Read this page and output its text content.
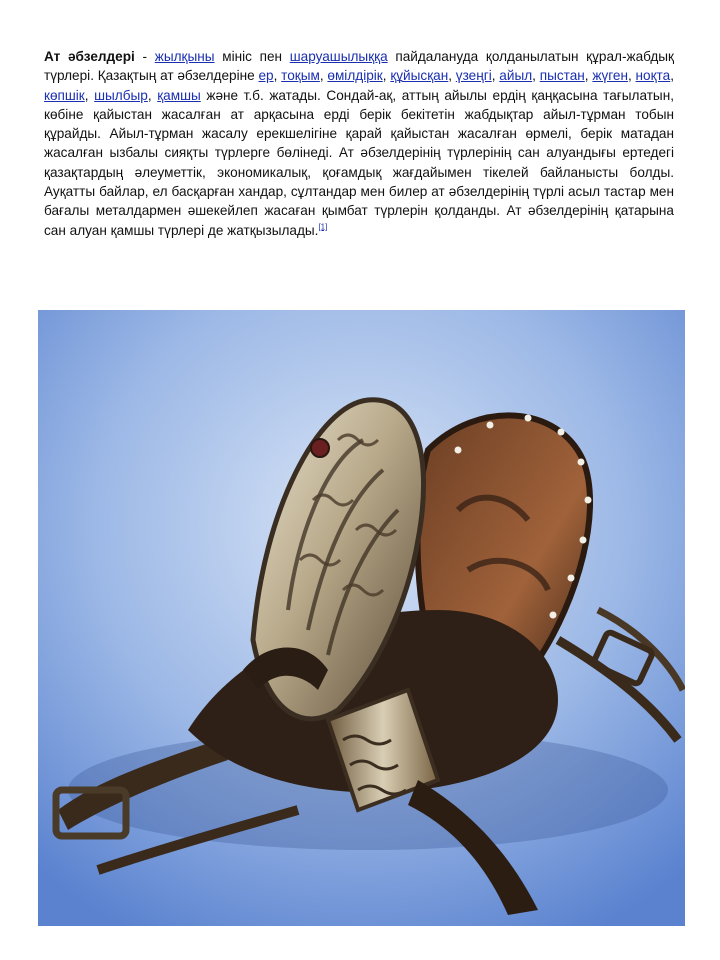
Ат әбзелдері - жылқыны мініс пен шаруашылыққа пайдалануда қолданылатын құрал-жабдық түрлері. Қазақтың ат әбзелдеріне ер, тоқым, өмілдірік, құйысқан, үзеңгі, айыл, пыстан, жүген, ноқта, көпшік, шылбыр, қамшы және т.б. жатады. Сондай-ақ, аттың айылы ердің қаңқасына тағылатын, көбіне қайыстан жасалған ат арқасына ерді берік бекітетін жабдықтар айыл-тұрман тобын құрайды. Айыл-тұрман жасалу ерекшелігіне қарай қайыстан жасалған өрмелі, берік матадан жасалған ызбалы сияқты түрлерге бөлінеді. Ат әбзелдерінің түрлерінің сан алуандығы ертедегі қазақтардың әлеуметтік, экономикалық, қоғамдық жағдайымен тікелей байланысты болды. Ауқатты байлар, ел басқарған хандар, сұлтандар мен билер ат әбзелдерінің түрлі асыл тастар мен бағалы металдармен әшекейлеп жасаған қымбат түрлерін қолданды. Ат әбзелдерінің қатарына сан алуан қамшы түрлері де жатқызылады.[1]
